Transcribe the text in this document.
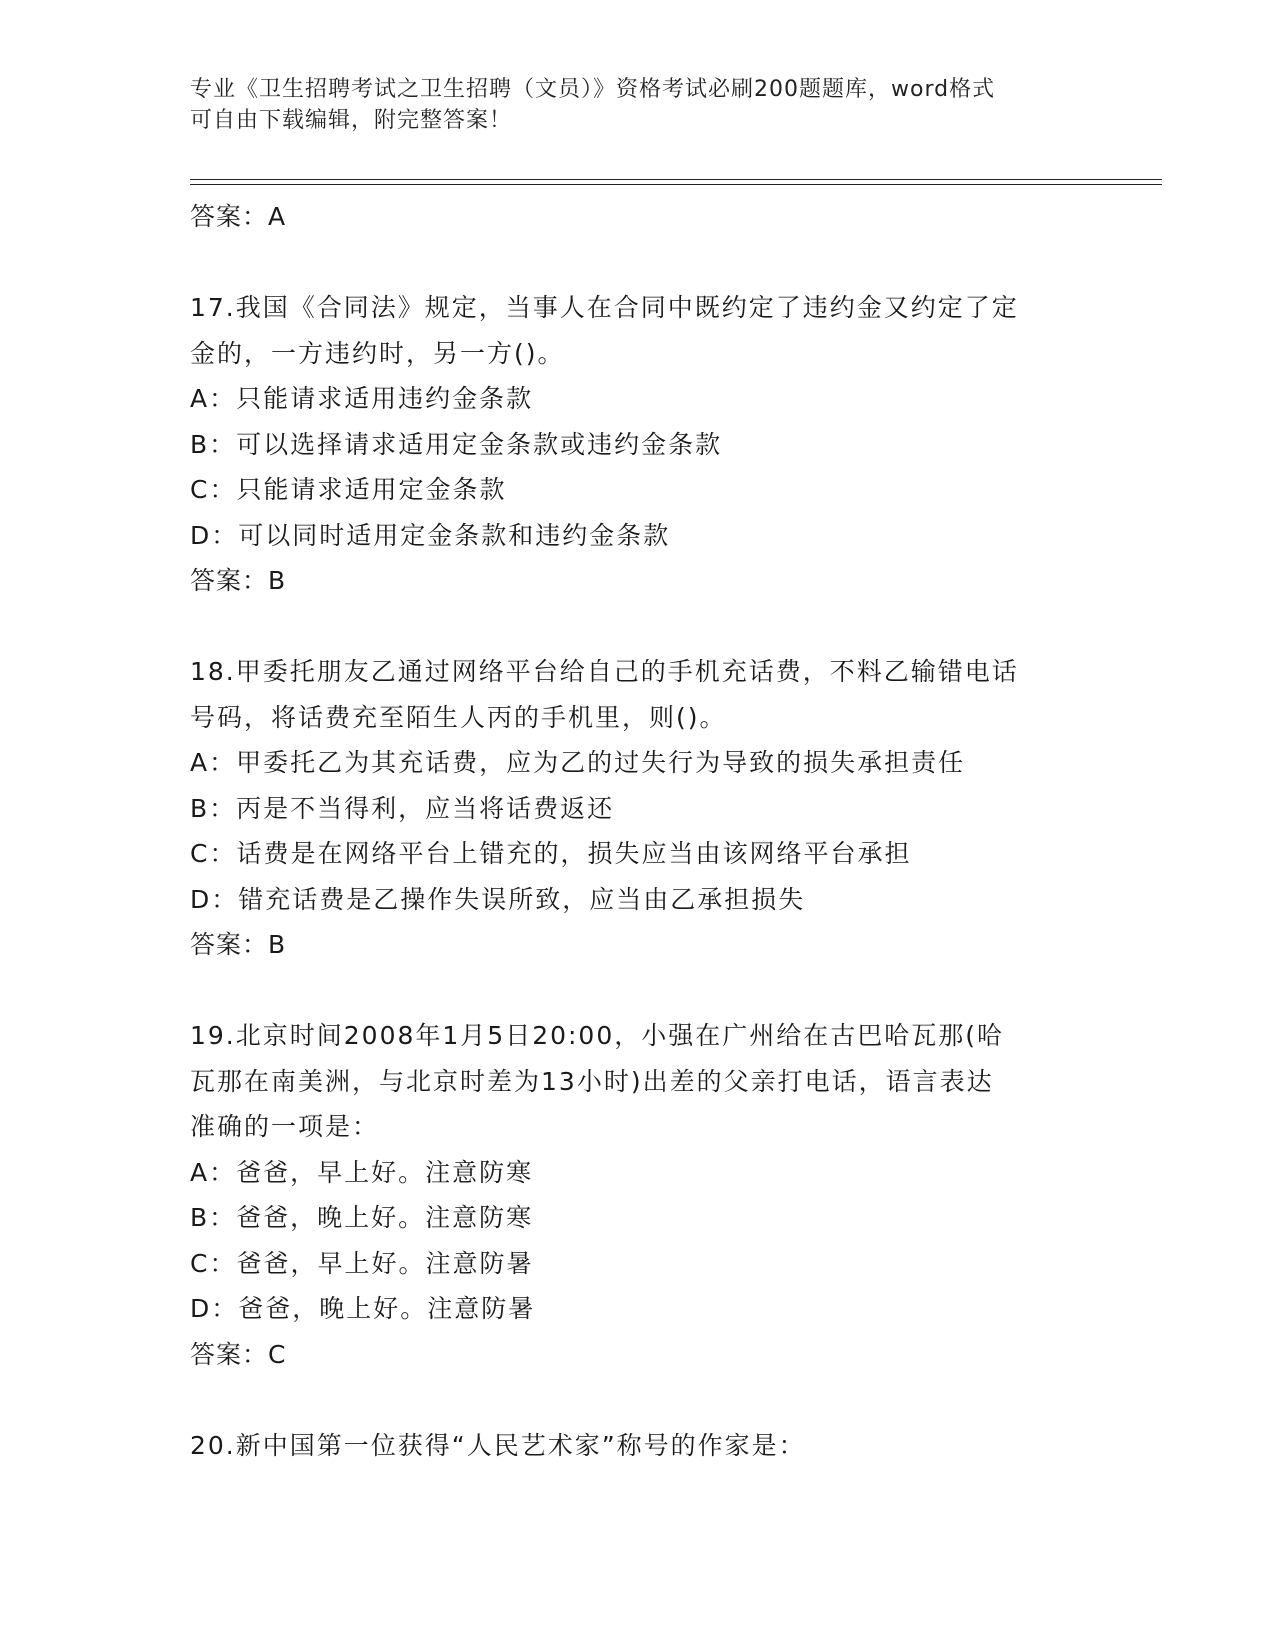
专业《卫生招聘考试之卫生招聘（文员）》资格考试必刷200题题库，word格式
可自由下载编辑，附完整答案！
答案：A
17.我国《合同法》规定，当事人在合同中既约定了违约金又约定了定
金的，一方违约时，另一方()。
A：只能请求适用违约金条款
B：可以选择请求适用定金条款或违约金条款
C：只能请求适用定金条款
D：可以同时适用定金条款和违约金条款
答案：B
18.甲委托朋友乙通过网络平台给自己的手机充话费，不料乙输错电话
号码，将话费充至陌生人丙的手机里，则()。
A：甲委托乙为其充话费，应为乙的过失行为导致的损失承担责任
B：丙是不当得利，应当将话费返还
C：话费是在网络平台上错充的，损失应当由该网络平台承担
D：错充话费是乙操作失误所致，应当由乙承担损失
答案：B
19.北京时间2008年1月5日20:00，小强在广州给在古巴哈瓦那(哈
瓦那在南美洲，与北京时差为13小时)出差的父亲打电话，语言表达
准确的一项是：
A：爸爸，早上好。注意防寒
B：爸爸，晚上好。注意防寒
C：爸爸，早上好。注意防暑
D：爸爸，晚上好。注意防暑
答案：C
20.新中国第一位获得“人民艺术家”称号的作家是：
